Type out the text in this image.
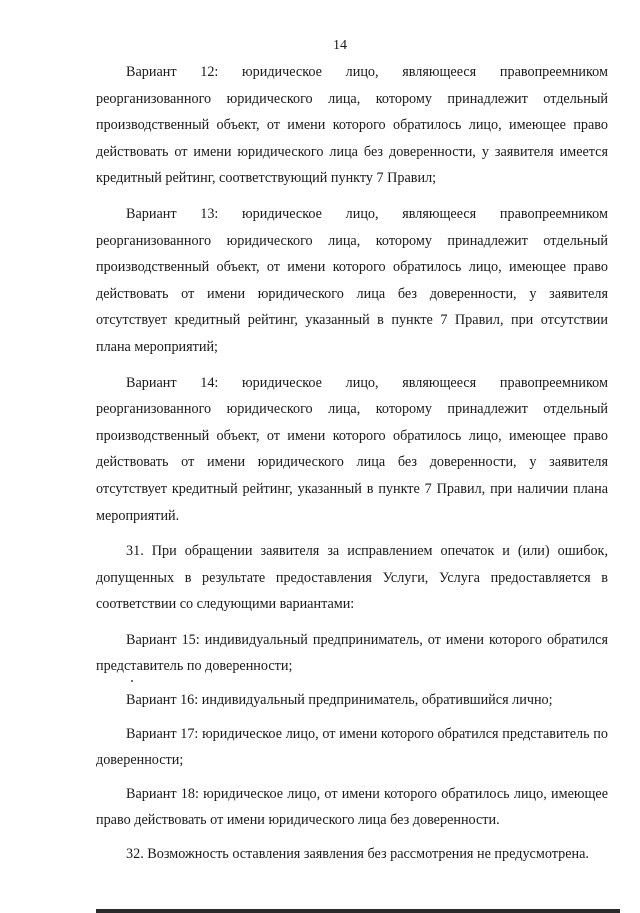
14

Вариант 12: юридическое лицо, являющееся правопреемником реорганизованного юридического лица, которому принадлежит отдельный производственный объект, от имени которого обратилось лицо, имеющее право действовать от имени юридического лица без доверенности, у заявителя имеется кредитный рейтинг, соответствующий пункту 7 Правил;

Вариант 13: юридическое лицо, являющееся правопреемником реорганизованного юридического лица, которому принадлежит отдельный производственный объект, от имени которого обратилось лицо, имеющее право действовать от имени юридического лица без доверенности, у заявителя отсутствует кредитный рейтинг, указанный в пункте 7 Правил, при отсутствии плана мероприятий;

Вариант 14: юридическое лицо, являющееся правопреемником реорганизованного юридического лица, которому принадлежит отдельный производственный объект, от имени которого обратилось лицо, имеющее право действовать от имени юридического лица без доверенности, у заявителя отсутствует кредитный рейтинг, указанный в пункте 7 Правил, при наличии плана мероприятий.

31. При обращении заявителя за исправлением опечаток и (или) ошибок, допущенных в результате предоставления Услуги, Услуга предоставляется в соответствии со следующими вариантами:

Вариант 15: индивидуальный предприниматель, от имени которого обратился представитель по доверенности;

Вариант 16: индивидуальный предприниматель, обратившийся лично;

Вариант 17: юридическое лицо, от имени которого обратился представитель по доверенности;

Вариант 18: юридическое лицо, от имени которого обратилось лицо, имеющее право действовать от имени юридического лица без доверенности.

32. Возможность оставления заявления без рассмотрения не предусмотрена.
